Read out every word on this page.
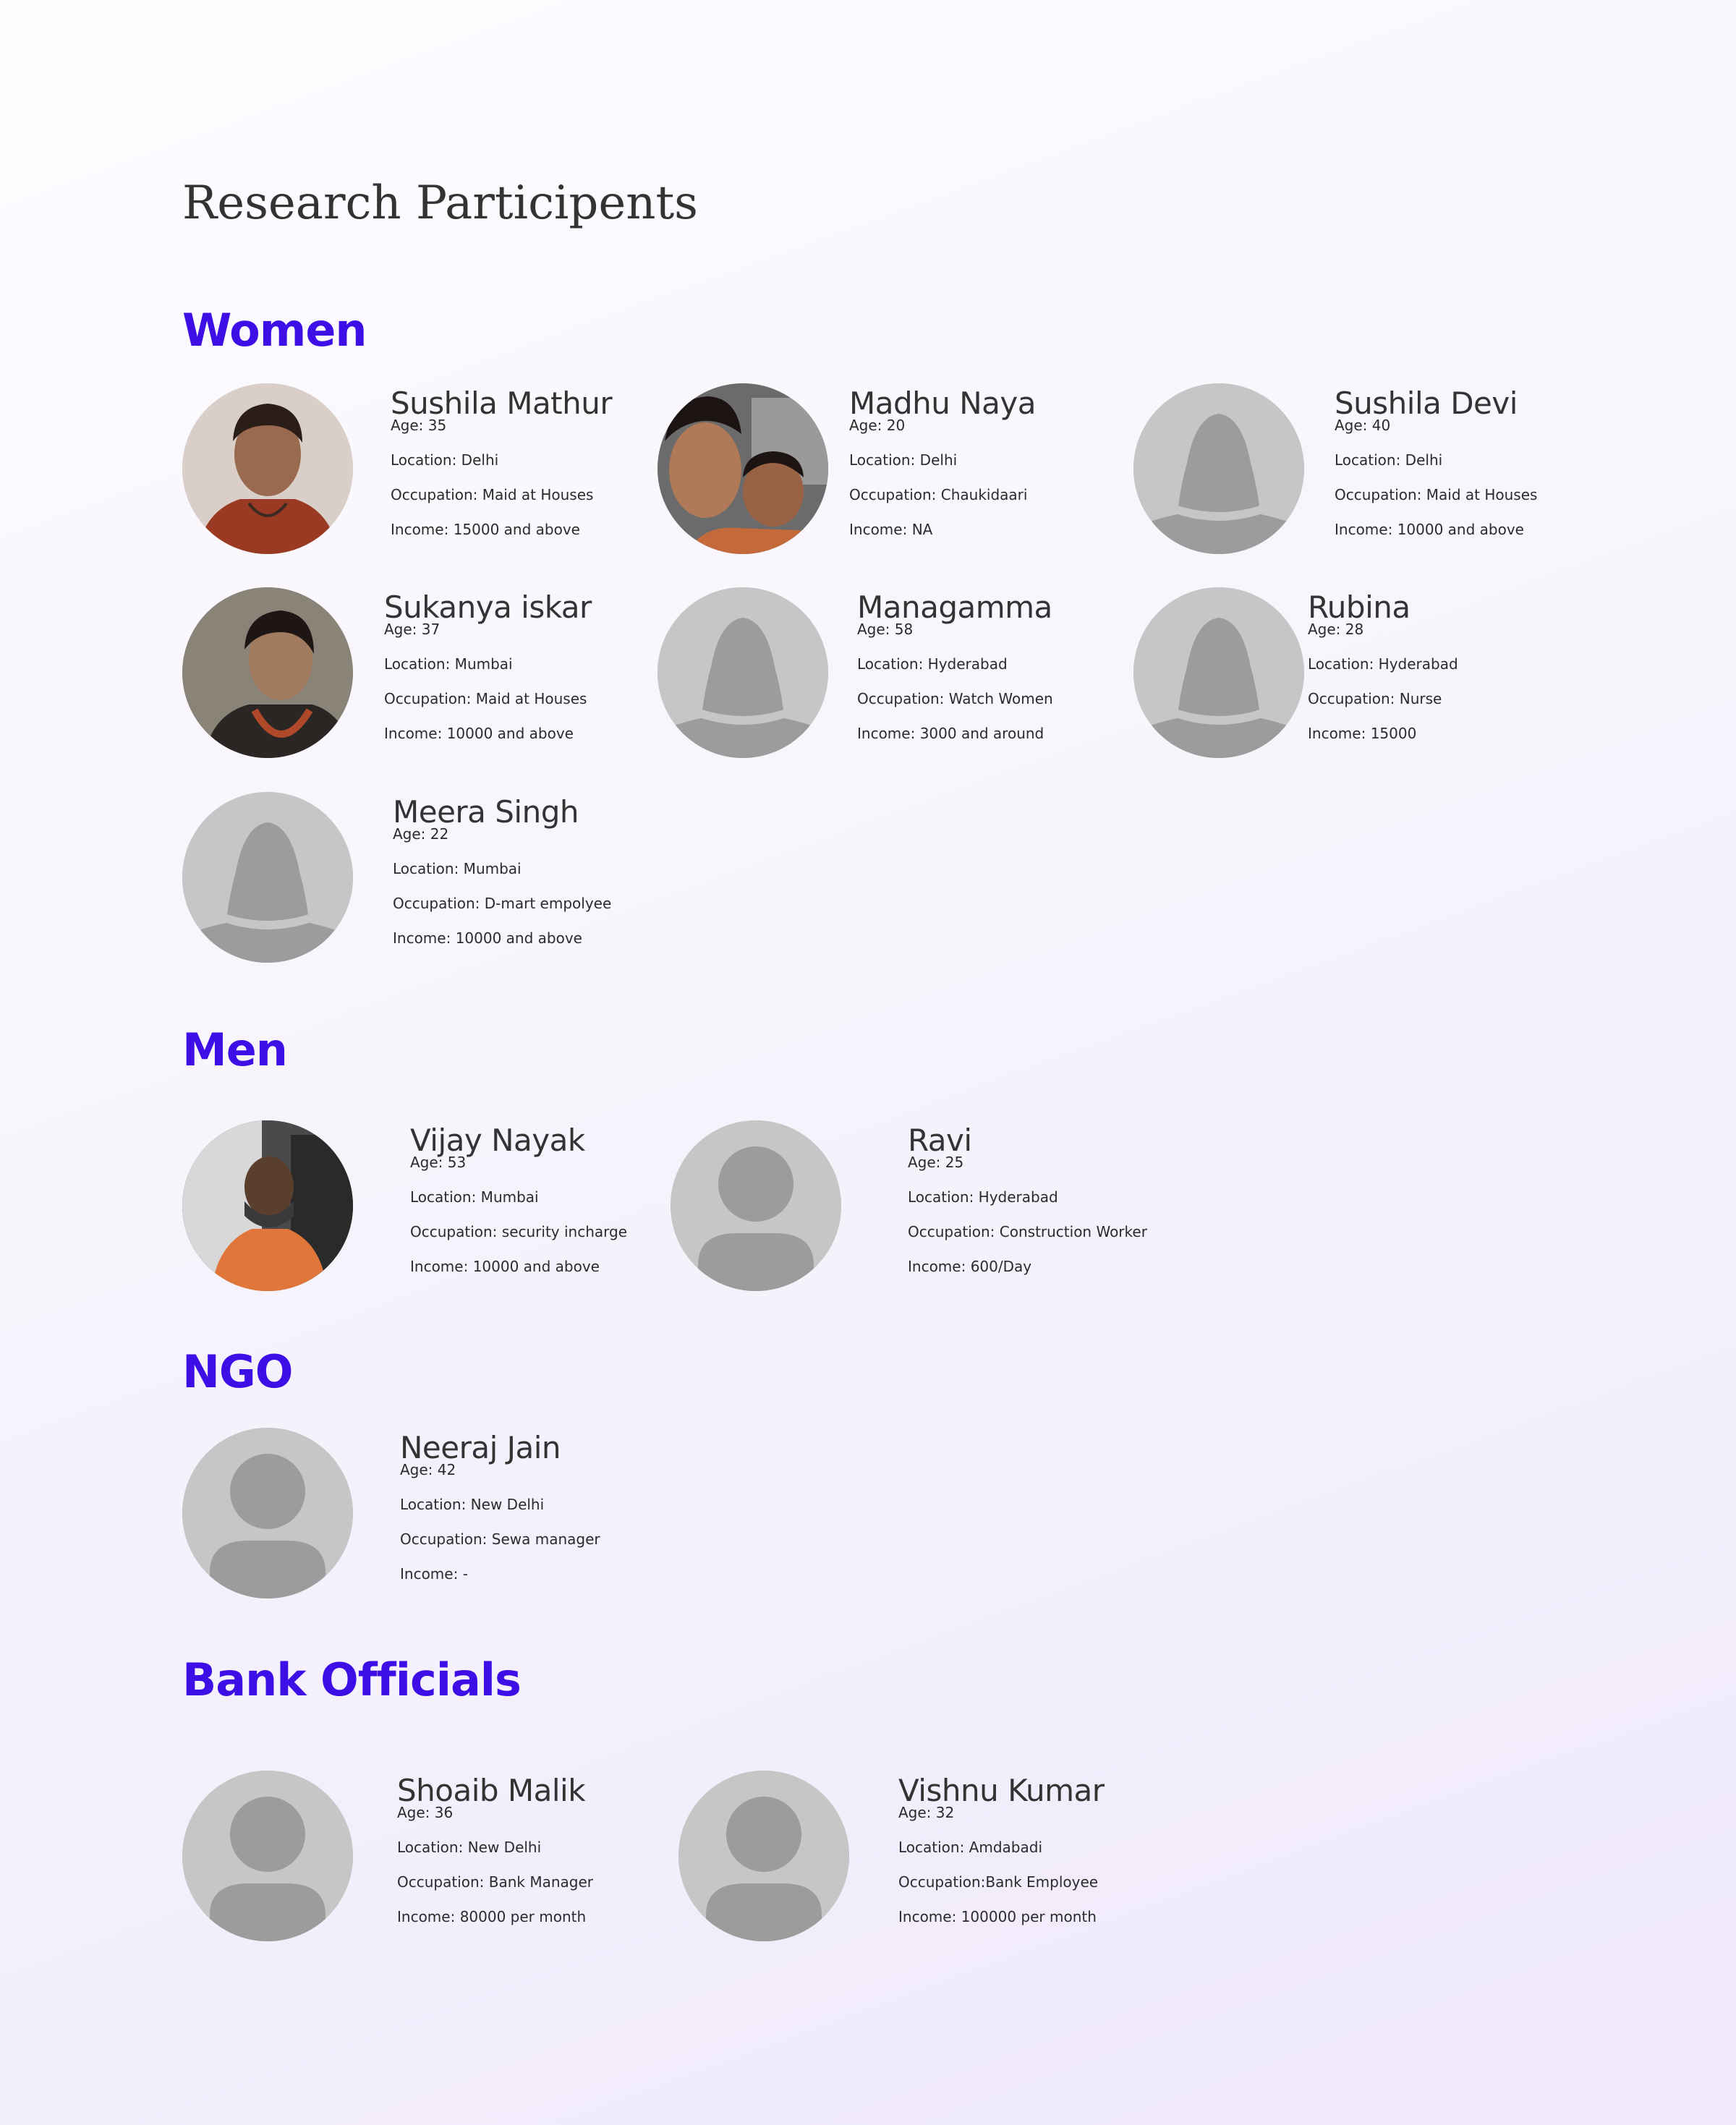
Research Participents
Women
Sushila Mathur
Age: 35
Location: Delhi
Occupation: Maid at Houses
Income: 15000 and above
Madhu Naya
Age: 20
Location: Delhi
Occupation: Chaukidaari
Income: NA
Sushila Devi
Age: 40
Location: Delhi
Occupation: Maid at Houses
Income: 10000 and above
Sukanya iskar
Age: 37
Location: Mumbai
Occupation: Maid at Houses
Income: 10000 and above
Managamma
Age: 58
Location: Hyderabad
Occupation: Watch Women
Income: 3000 and around
Rubina
Age: 28
Location: Hyderabad
Occupation: Nurse
Income: 15000
Meera Singh
Age: 22
Location: Mumbai
Occupation: D-mart empolyee
Income: 10000 and above
Men
Vijay Nayak
Age: 53
Location: Mumbai
Occupation: security incharge
Income: 10000 and above
Ravi
Age: 25
Location: Hyderabad
Occupation: Construction Worker
Income: 600/Day
NGO
Neeraj Jain
Age: 42
Location: New Delhi
Occupation: Sewa manager
Income: -
Bank Officials
Shoaib Malik
Age: 36
Location: New Delhi
Occupation: Bank Manager
Income: 80000 per month
Vishnu Kumar
Age: 32
Location: Amdabadi
Occupation:Bank Employee
Income: 100000 per month
